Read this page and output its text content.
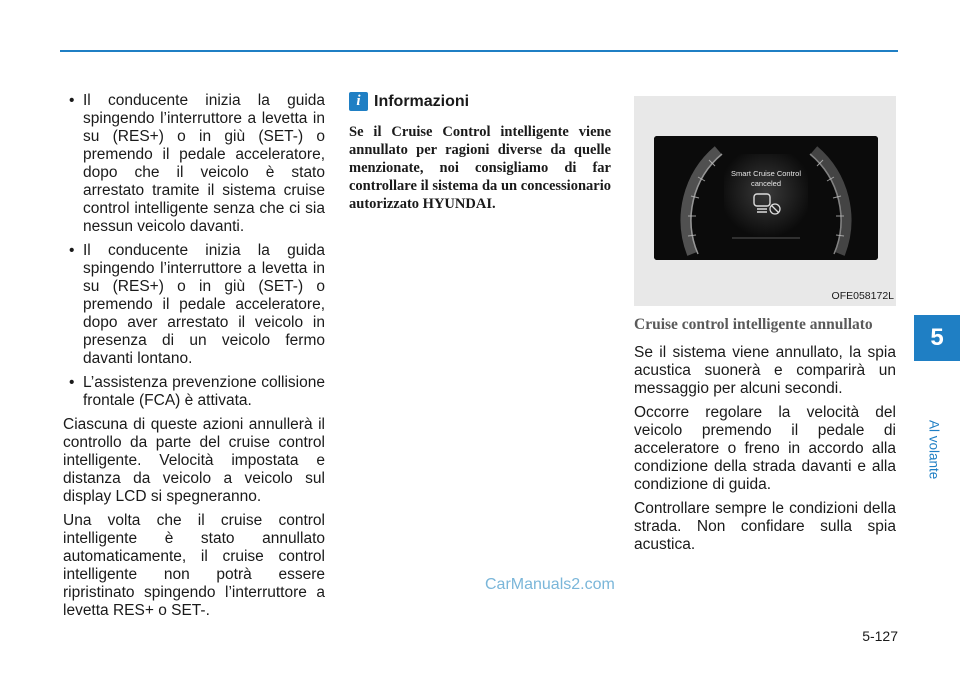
• Il conducente inizia la guida spingendo l’interruttore a levetta in su (RES+) o in giù (SET-) o premendo il pedale acceleratore, dopo che il veicolo è stato arrestato tramite il sistema cruise control intelligente senza che ci sia nessun veicolo davanti.
• Il conducente inizia la guida spingendo l’interruttore a levetta in su (RES+) o in giù (SET-) o premendo il pedale acceleratore, dopo aver arrestato il veicolo in presenza di un veicolo fermo davanti lontano.
• L’assistenza prevenzione collisione frontale (FCA) è attivata.

Ciascuna di queste azioni annullerà il controllo da parte del cruise control intelligente. Velocità impostata e distanza da veicolo a veicolo sul display LCD si spegneranno.

Una volta che il cruise control intelligente è stato annullato automaticamente, il cruise control intelligente non potrà essere ripristinato spingendo l’interruttore a levetta RES+ o SET-.

i Informazioni

Se il Cruise Control intelligente viene annullato per ragioni diverse da quelle menzionate, noi consigliamo di far controllare il sistema da un concessionario autorizzato HYUNDAI.

Smart Cruise Control
canceled
OFE058172L
Cruise control intelligente annullato

Se il sistema viene annullato, la spia acustica suonerà e comparirà un messaggio per alcuni secondi.

Occorre regolare la velocità del veicolo premendo il pedale di acceleratore o freno in accordo alla condizione della strada davanti e alla condizione di guida.

Controllare sempre le condizioni della strada. Non confidare sulla spia acustica.

5
Al volante
CarManuals2.com
5-127
